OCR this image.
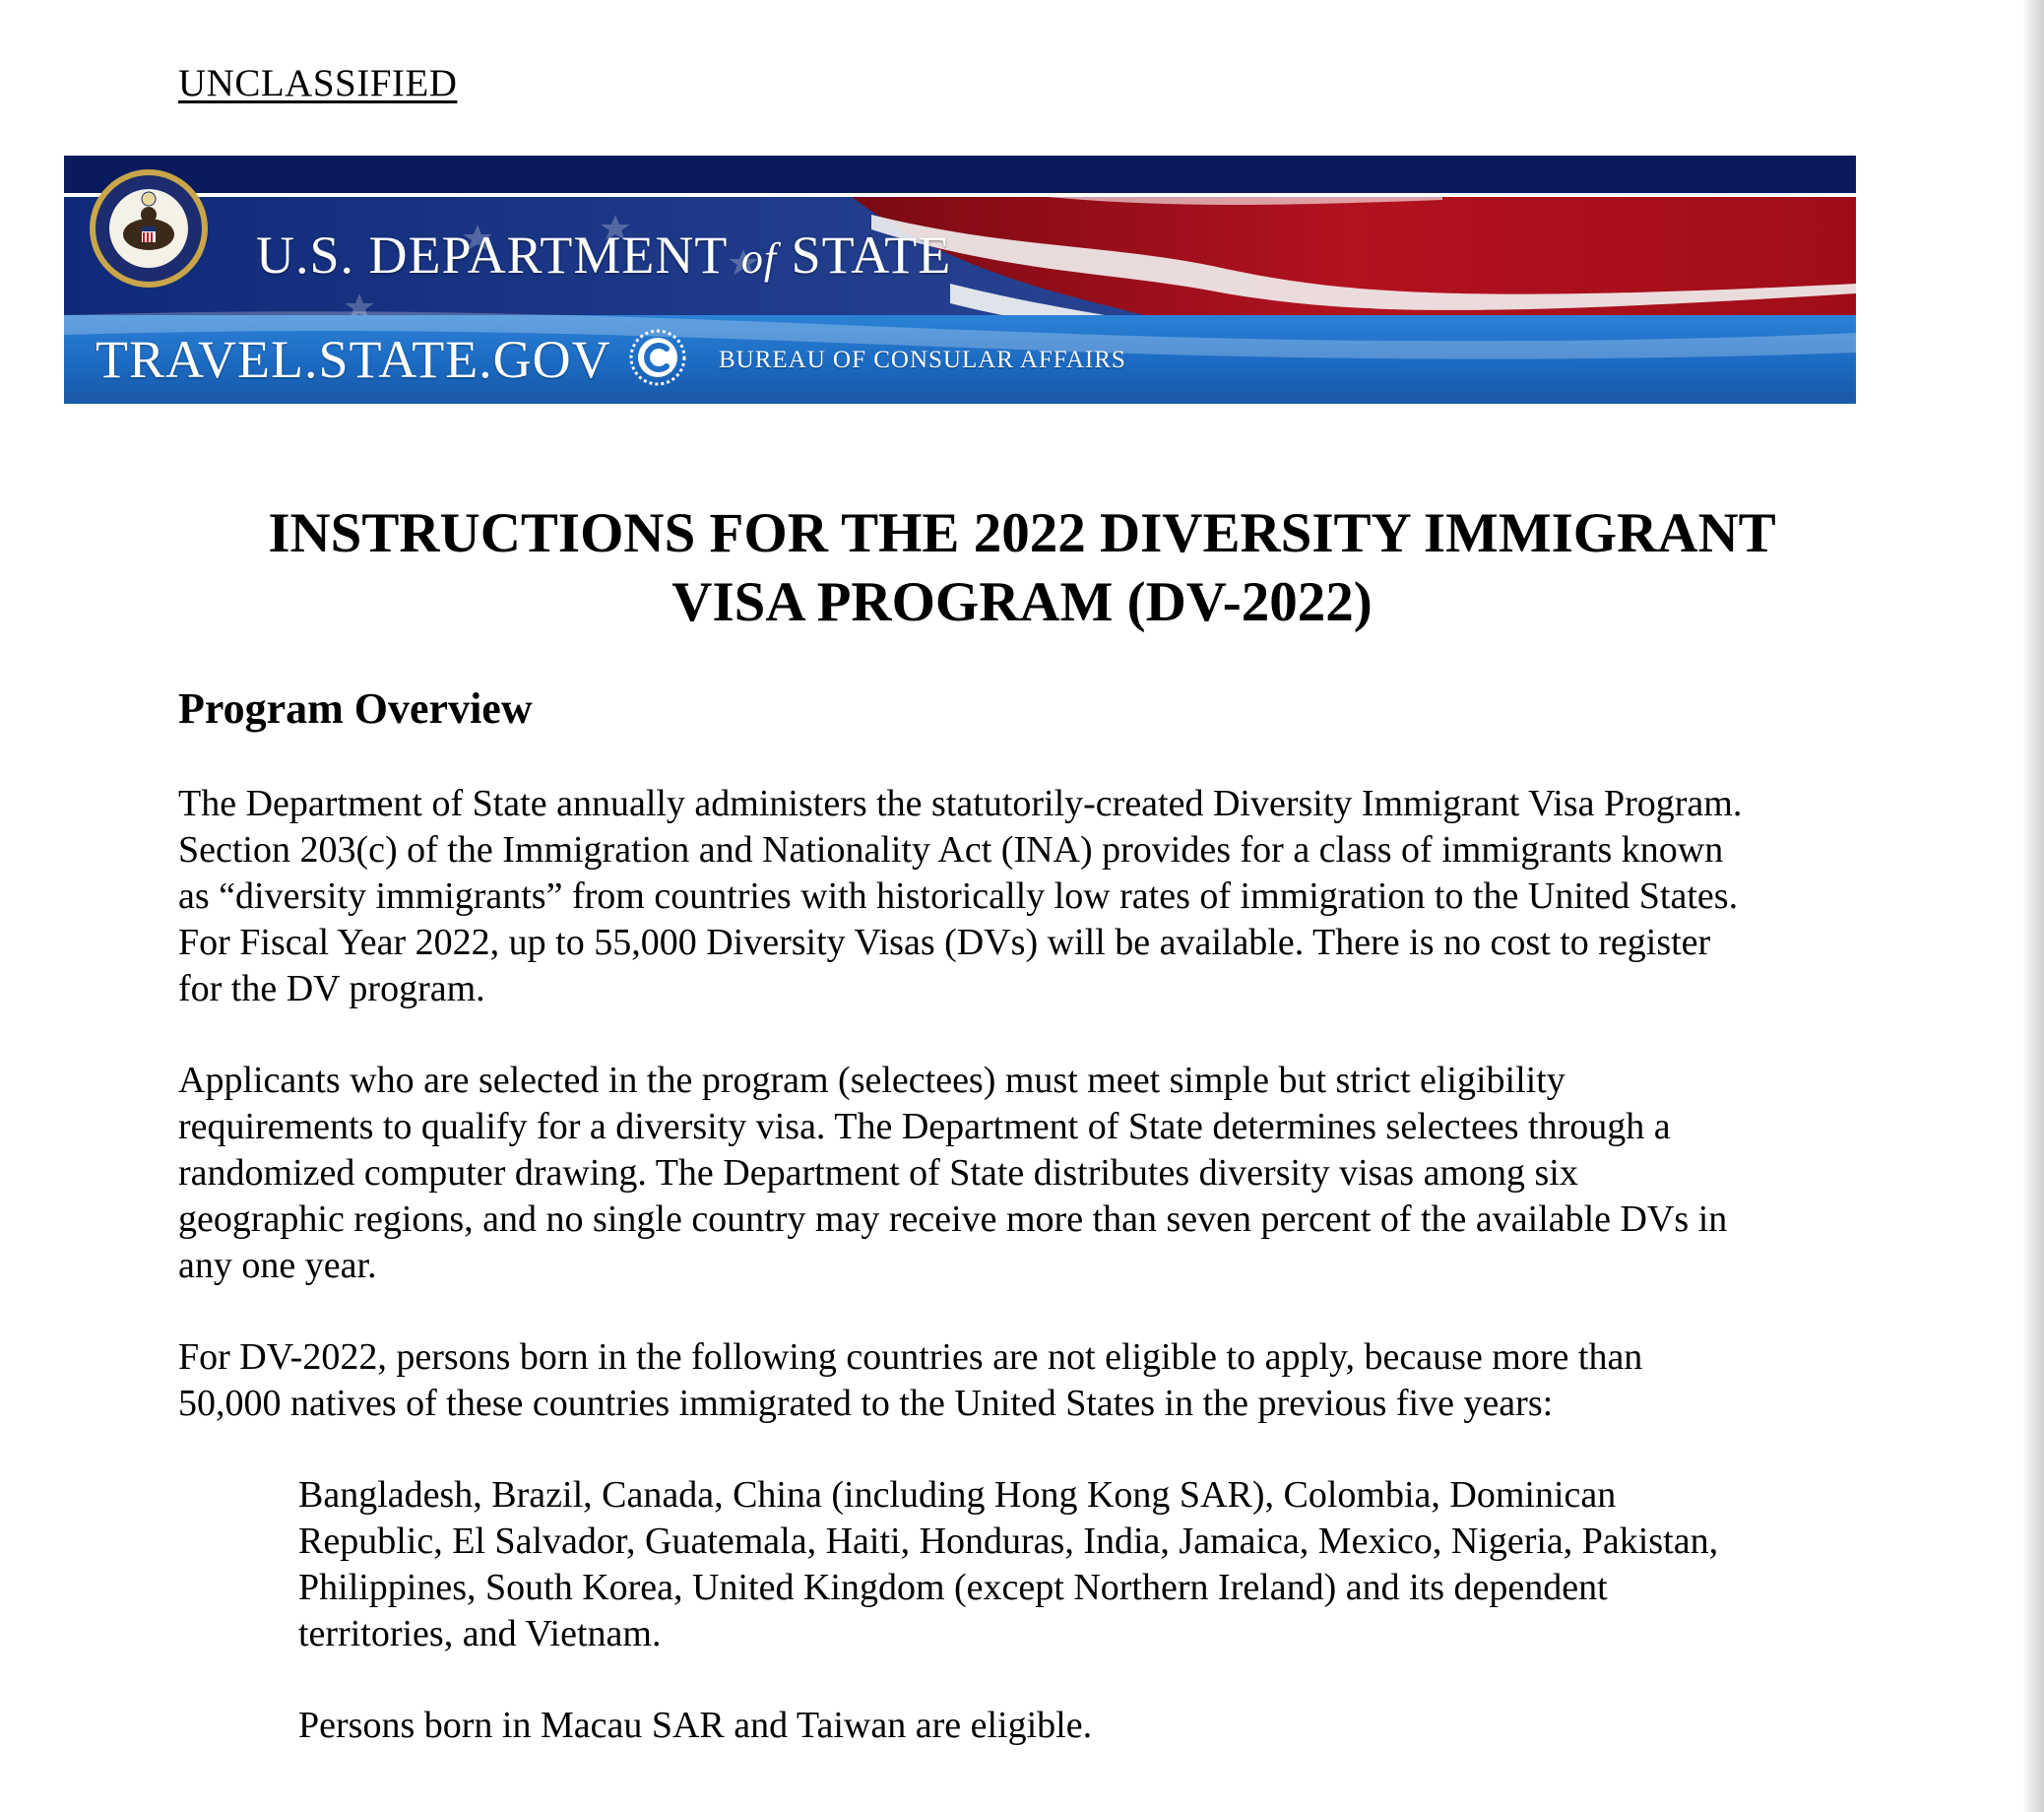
UNCLASSIFIED
U.S. DEPARTMENT of STATE
TRAVEL.STATE.GOV	BUREAU OF CONSULAR AFFAIRS
INSTRUCTIONS FOR THE 2022 DIVERSITY IMMIGRANT
VISA PROGRAM (DV-2022)
Program Overview
The Department of State annually administers the statutorily-created Diversity Immigrant Visa Program.
Section 203(c) of the Immigration and Nationality Act (INA) provides for a class of immigrants known
as “diversity immigrants” from countries with historically low rates of immigration to the United States.
For Fiscal Year 2022, up to 55,000 Diversity Visas (DVs) will be available. There is no cost to register
for the DV program.
Applicants who are selected in the program (selectees) must meet simple but strict eligibility
requirements to qualify for a diversity visa. The Department of State determines selectees through a
randomized computer drawing. The Department of State distributes diversity visas among six
geographic regions, and no single country may receive more than seven percent of the available DVs in
any one year.
For DV-2022, persons born in the following countries are not eligible to apply, because more than
50,000 natives of these countries immigrated to the United States in the previous five years:
Bangladesh, Brazil, Canada, China (including Hong Kong SAR), Colombia, Dominican
Republic, El Salvador, Guatemala, Haiti, Honduras, India, Jamaica, Mexico, Nigeria, Pakistan,
Philippines, South Korea, United Kingdom (except Northern Ireland) and its dependent
territories, and Vietnam.
Persons born in Macau SAR and Taiwan are eligible.
